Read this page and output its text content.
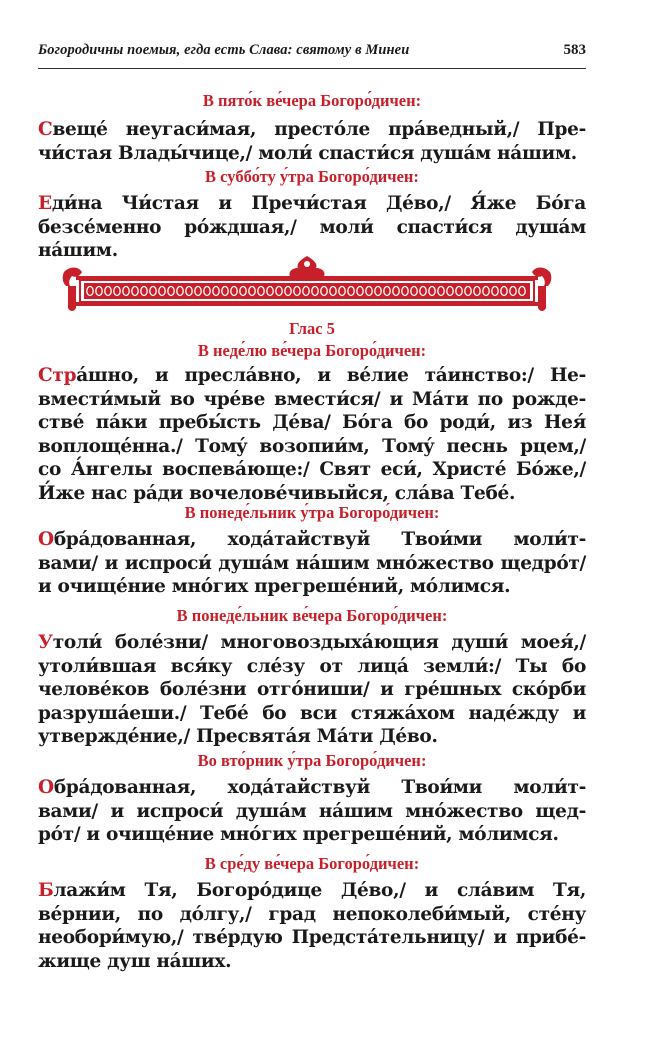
Богородичны поемыя, егда есть Слава: святому в Минеи	583

В пято́к ве́чера Богоро́дичен:

Свещé неугаси́мая, престóле прáведный,/ Пре-
чи́стая Влады́чице,/ моли́ спасти́ся душáм нáшим.

В суббо́ту у́тра Богоро́дичен:

Еди́на Чи́стая и Пречи́стая Дéво,/ Я́же Бóга
безсéменно рóждшая,/ моли́ спасти́ся душáм
нáшим.

Глас 5

В неде́лю ве́чера Богоро́дичен:

Стрáшно, и преслáвно, и вéлие тáинство:/ Не-
вмести́мый во чрéве вмести́ся/ и Мáти по рожде-
ствé пáки пребы́сть Дéва/ Бóга бо роди́, из Нея́
воплощéнна./ Томý возопии́м, Томý песнь рцем,/
со А́нгелы воспевáюще:/ Свят еси́, Христé Бóже,/
И́же нас рáди вочеловéчивыйся, слáва Тебé.

В понеде́льник у́тра Богоро́дичен:

Обрáдованная, ходáтайствуй Твои́ми моли́т-
вами/ и испроси́ душáм нáшим мнóжество щедрóт/
и очищéние мнóгих прегрешéний, мóлимся.

В понеде́льник ве́чера Богоро́дичен:

Утоли́ болéзни/ многовоздыхáющия души́ моея́,/
утоли́вшая вся́ку слéзу от лицá земли́:/ Ты бо
человéков болéзни отгóниши/ и грéшных скóрби
разрушáеши./ Тебé бо вси стяжáхом надéжду и
утверждéние,/ Пресвятáя Мáти Дéво.

Во вто́рник у́тра Богоро́дичен:

Обрáдованная, ходáтайствуй Твои́ми моли́т-
вами/ и испроси́ душáм нáшим мнóжество щед-
рóт/ и очищéние мнóгих прегрешéний, мóлимся.

В сре́ду ве́чера Богоро́дичен:

Блажи́м Тя, Богорóдице Дéво,/ и слáвим Тя,
вéрнии, по дóлгу,/ град непоколеби́мый, стéну
необори́мую,/ твéрдую Предстáтельницу/ и прибé-
жище душ нáших.
